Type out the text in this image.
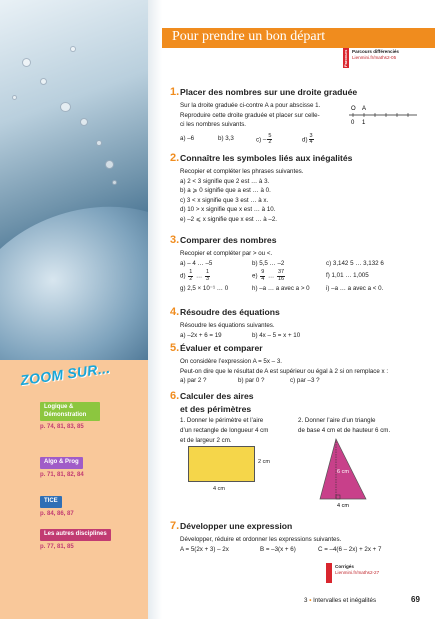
ZOOM SUR...
Logique & Démonstration
p. 74, 81, 83, 85
Algo & Prog
p. 71, 81, 82, 84
TICE
p. 84, 86, 87
Les autres disciplines
p. 77, 81, 85
Pour prendre un bon départ
Parcours Parcours différenciés
Lienmini.fr/maths2-05
1.Placer des nombres sur une droite graduée
Sur la droite graduée ci-contre A a pour abscisse 1.
Reproduire cette droite graduée et placer sur celle-
ci les nombres suivants.
a) –6	b) 3,3	$c) - \frac{5}{2}$	$d) \frac{3}{4}$
O A
0 1
2.Connaître les symboles liés aux inégalités
Recopier et compléter les phrases suivantes.
a) 2 < 3 signifie que 2 est … à 3.
b) a ⩾ 0 signifie que a est … à 0.
c) 3 < x signifie que 3 est … à x.
d) 10 > x signifie que x est … à 10.
e) –2 ⩽ x signifie que x est … à –2.
3.Comparer des nombres
Recopier et compléter par > ou <.
a) – 4 … –5	b) 5,5 … –2	c) 3,142 5 … 3,132 6
$d) \frac{1}{2}$ … $\frac{1}{3}$	$e) \frac{9}{4}$ … $\frac{37}{16}$	f) 1,01 … 1,005
g) 2,5 × 10⁻¹ … 0	h) –a … a avec a > 0	i) –a … a avec a < 0.
4.Résoudre des équations
Résoudre les équations suivantes.
a) –2x + 6 = 19	b) 4x – 5 = x + 10
5.Évaluer et comparer
On considère l’expression A = 5x – 3.
Peut-on dire que le résultat de A est supérieur ou égal à 2 si on remplace x :
a) par 2 ?	b) par 0 ?	c) par –3 ?
6.Calculer des aires
et des périmètres
1. Donner le périmètre et l’aire
d’un rectangle de longueur 4 cm
et de largeur 2 cm.
2. Donner l’aire d’un triangle
de base 4 cm et de hauteur 6 cm.
2 cm
4 cm
6 cm
4 cm
7.Développer une expression
Développer, réduire et ordonner les expressions suivantes.
A = 5(2x + 3) – 2x	B = –3(x + 6)	C = –4(6 – 2x) + 2x + 7
Corrigés
Lienmini.fr/maths2-27
3 • Intervalles et inégalités	69
